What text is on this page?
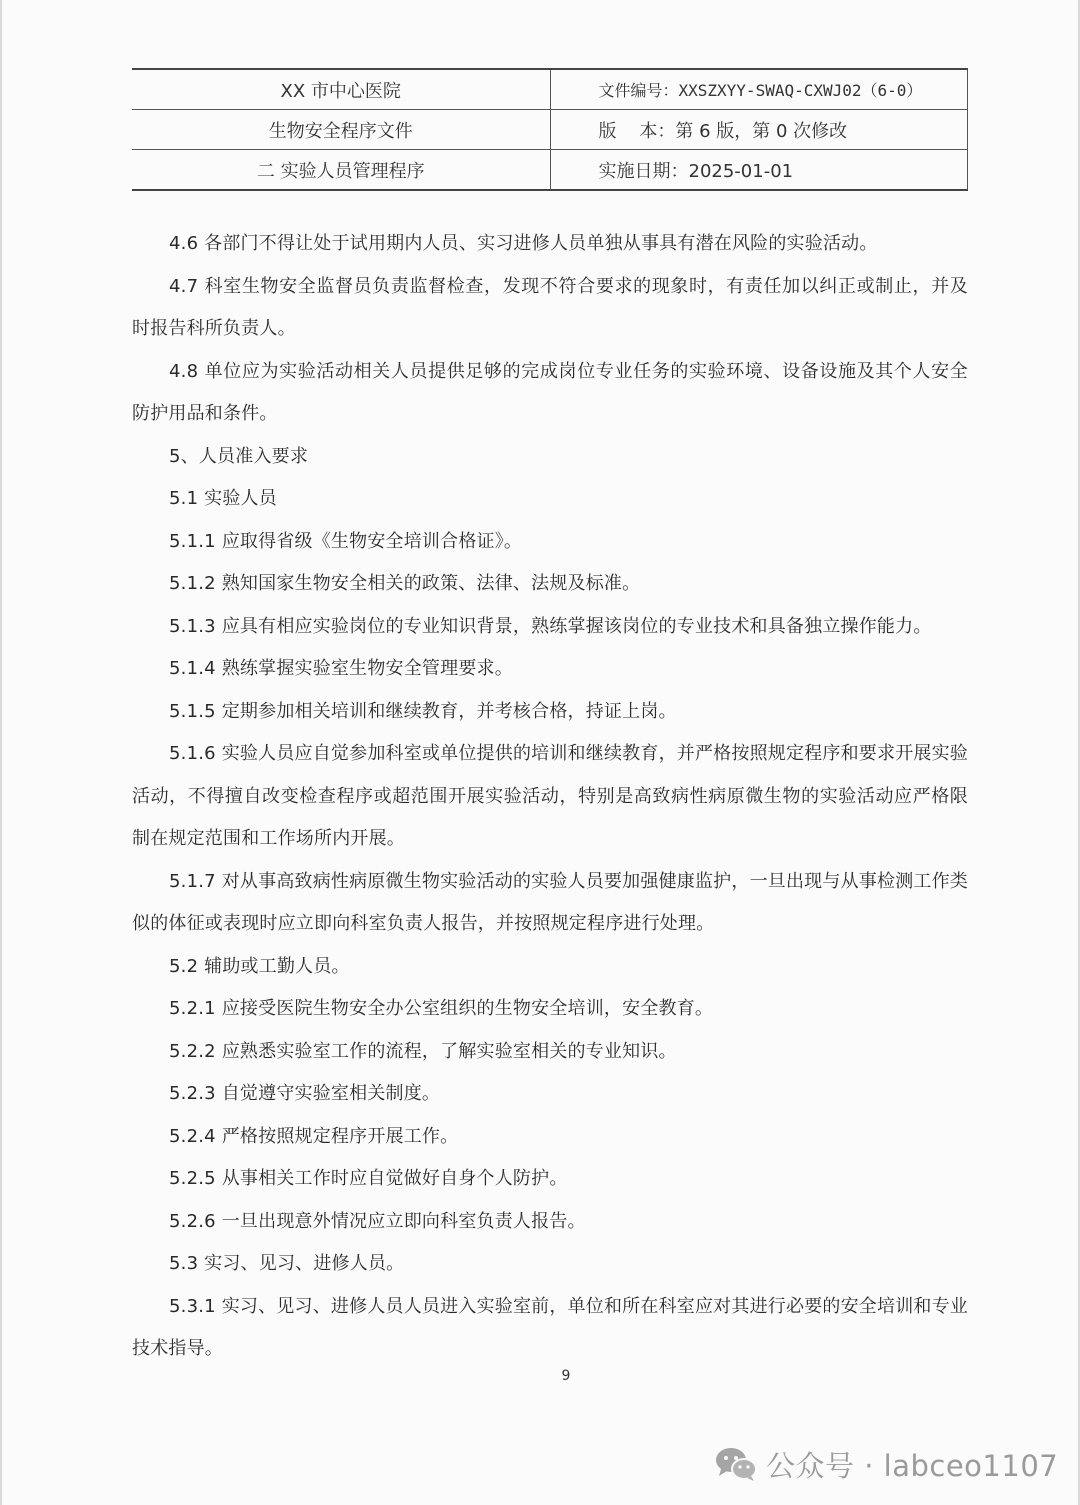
XX 市中心医院	文件编号：XXSZXYY-SWAQ-CXWJ02（6-0）
生物安全程序文件	版    本：第 6 版，第 0 次修改
二 实验人员管理程序	实施日期：2025-01-01

4.6 各部门不得让处于试用期内人员、实习进修人员单独从事具有潜在风险的实验活动。

4.7 科室生物安全监督员负责监督检查，发现不符合要求的现象时，有责任加以纠正或制止，并及时报告科所负责人。

4.8 单位应为实验活动相关人员提供足够的完成岗位专业任务的实验环境、设备设施及其个人安全防护用品和条件。

5、人员准入要求

5.1 实验人员

5.1.1 应取得省级《生物安全培训合格证》。

5.1.2 熟知国家生物安全相关的政策、法律、法规及标准。

5.1.3 应具有相应实验岗位的专业知识背景，熟练掌握该岗位的专业技术和具备独立操作能力。

5.1.4 熟练掌握实验室生物安全管理要求。

5.1.5 定期参加相关培训和继续教育，并考核合格，持证上岗。

5.1.6 实验人员应自觉参加科室或单位提供的培训和继续教育，并严格按照规定程序和要求开展实验活动，不得擅自改变检查程序或超范围开展实验活动，特别是高致病性病原微生物的实验活动应严格限制在规定范围和工作场所内开展。

5.1.7 对从事高致病性病原微生物实验活动的实验人员要加强健康监护，一旦出现与从事检测工作类似的体征或表现时应立即向科室负责人报告，并按照规定程序进行处理。

5.2 辅助或工勤人员。

5.2.1 应接受医院生物安全办公室组织的生物安全培训，安全教育。

5.2.2 应熟悉实验室工作的流程，了解实验室相关的专业知识。

5.2.3 自觉遵守实验室相关制度。

5.2.4 严格按照规定程序开展工作。

5.2.5 从事相关工作时应自觉做好自身个人防护。

5.2.6 一旦出现意外情况应立即向科室负责人报告。

5.3 实习、见习、进修人员。

5.3.1 实习、见习、进修人员人员进入实验室前，单位和所在科室应对其进行必要的安全培训和专业技术指导。

9
公众号 · labceo1107
